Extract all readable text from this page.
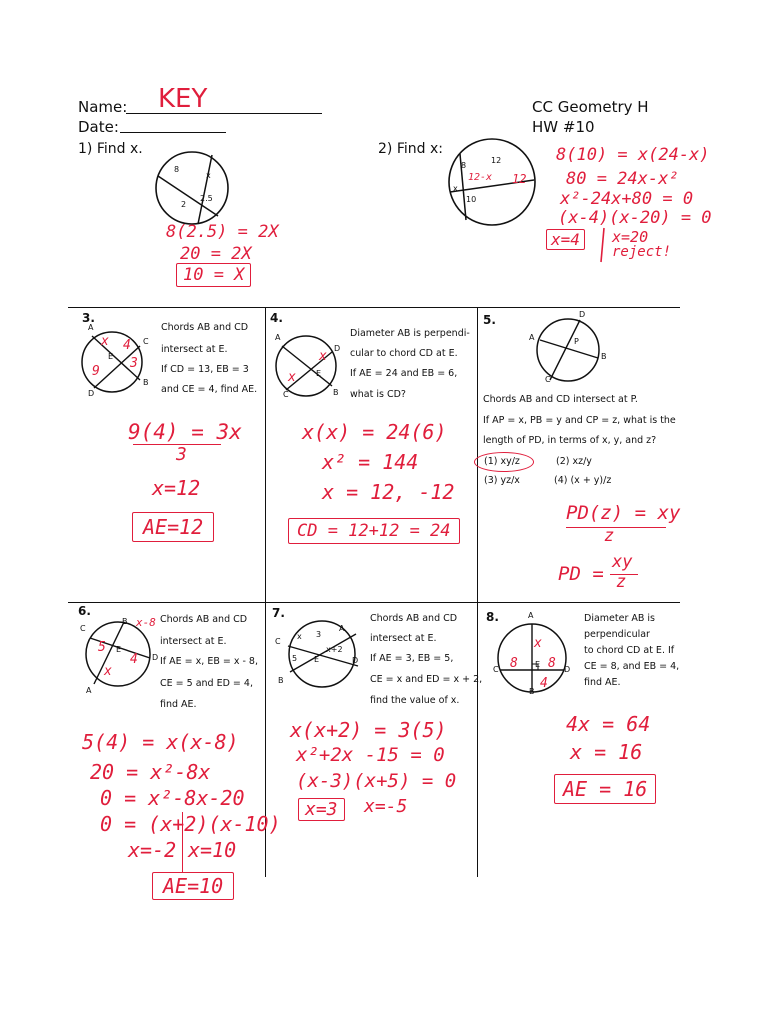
Name: KEY
Date:
CC Geometry H
HW #10
1) Find x.
8
x
2
2.5
8(2.5) = 2X
20 = 2X
10 = X
2) Find x:
8
12
x
10
12-x 12
8(10) = x(24-x)
80 = 24x-x²
x²-24x+80 = 0
(x-4)(x-20) = 0
x=4	x=20
reject!
3.
A
C
E
B
D
x 4
3
9
Chords AB and CD
intersect at E.
If CD = 13, EB = 3
and CE = 4, find AE.
9(4) = 3x
3
x=12
AE=12
4.
A
D
E
C	B
x
x
Diameter AB is perpendi-
cular to chord CD at E.
If AE = 24 and EB = 6,
what is CD?
x(x) = 24(6)
x² = 144
x = 12, -12
CD = 12+12 = 24
5.	D
A	P
B
C
Chords AB and CD intersect at P.
If AP = x, PB = y and CP = z, what is the
length of PD, in terms of x, y, and z?
(1) xy/z	(2) xz/y
(3) yz/x	(4) (x + y)/z
PD(z) = xy
z
PD =
xy
z
6.
B
C
E
D
A
5
4
x
x-8 Chords AB and CD
intersect at E.
If AE = x, EB = x - 8,
CE = 5 and ED = 4,
find AE.
5(4) = x(x-8)
20 = x²-8x
0 = x²-8x-20
0 = (x+2)(x-10)
x=-2 x=10
AE=10
7.
A
C
E	D
B
x 3
5
x+2
Chords AB and CD
intersect at E.
If AE = 3, EB = 5,
CE = x and ED = x + 2,
find the value of x.
x(x+2) = 3(5)
x²+2x -15 = 0
(x-3)(x+5) = 0
x=3	x=-5
8.	A
C
E
D
B
x
8 8
4
Diameter AB is
perpendicular
to chord CD at E. If
CE = 8, and EB = 4,
find AE.
4x = 64
x = 16
AE = 16
